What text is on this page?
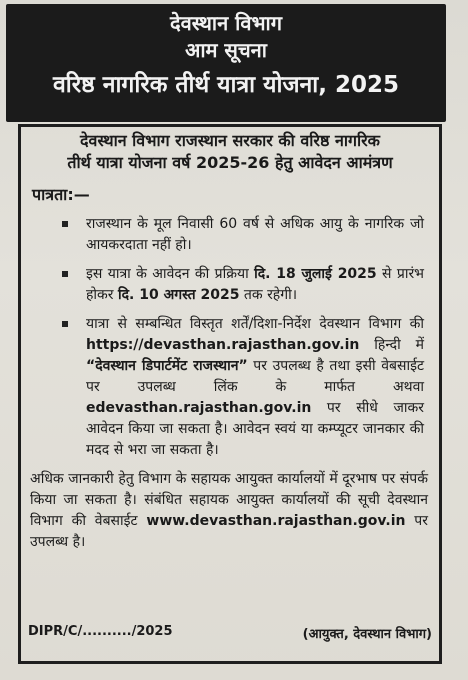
देवस्थान विभाग
आम सूचना
वरिष्ठ नागरिक तीर्थ यात्रा योजना, 2025
देवस्थान विभाग राजस्थान सरकार की वरिष्ठ नागरिक
तीर्थ यात्रा योजना वर्ष 2025-26 हेतु आवेदन आमंत्रण
पात्रता:—
राजस्थान के मूल निवासी 60 वर्ष से अधिक आयु के नागरिक जो आयकरदाता नहीं हो।
इस यात्रा के आवेदन की प्रक्रिया दि. 18 जुलाई 2025 से प्रारंभ होकर दि. 10 अगस्त 2025 तक रहेगी।
यात्रा से सम्बन्धित विस्तृत शर्तें/दिशा-निर्देश देवस्थान विभाग की https://devasthan.rajasthan.gov.in हिन्दी में “देवस्थान डिपार्टमेंट राजस्थान” पर उपलब्ध है तथा इसी वेबसाईट पर उपलब्ध लिंक के मार्फत अथवा edevasthan.rajasthan.gov.in पर सीधे जाकर आवेदन किया जा सकता है। आवेदन स्वयं या कम्प्यूटर जानकार की मदद से भरा जा सकता है।
अधिक जानकारी हेतु विभाग के सहायक आयुक्त कार्यालयों में दूरभाष पर संपर्क किया जा सकता है। संबंधित सहायक आयुक्त कार्यालयों की सूची देवस्थान विभाग की वेबसाईट www.devasthan.rajasthan.gov.in पर उपलब्ध है।
DIPR/C/........../2025	(आयुक्त, देवस्थान विभाग)
